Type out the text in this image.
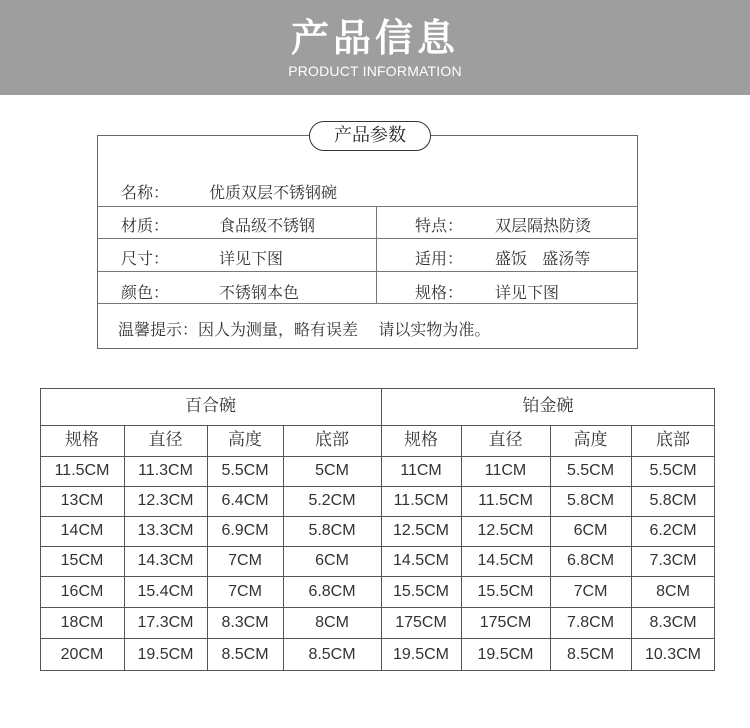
产品信息
PRODUCT INFORMATION
产品参数
名称： 优质双层不锈钢碗
材质：	食品级不锈钢	特点： 双层隔热防烫
尺寸：	详见下图	适用： 盛饭   盛汤等
颜色：	不锈钢本色	规格： 详见下图
温馨提示：因人为测量，略有误差    请以实物为准。
百合碗	铂金碗
规格	直径	高度	底部	规格	直径	高度	底部
11.5CM	11.3CM	5.5CM	5CM	11CM	11CM	5.5CM	5.5CM
13CM	12.3CM	6.4CM	5.2CM	11.5CM	11.5CM	5.8CM	5.8CM
14CM	13.3CM	6.9CM	5.8CM	12.5CM	12.5CM	6CM	6.2CM
15CM	14.3CM	7CM	6CM	14.5CM	14.5CM	6.8CM	7.3CM
16CM	15.4CM	7CM	6.8CM	15.5CM	15.5CM	7CM	8CM
18CM	17.3CM	8.3CM	8CM	175CM	175CM	7.8CM	8.3CM
20CM	19.5CM	8.5CM	8.5CM	19.5CM	19.5CM	8.5CM	10.3CM
